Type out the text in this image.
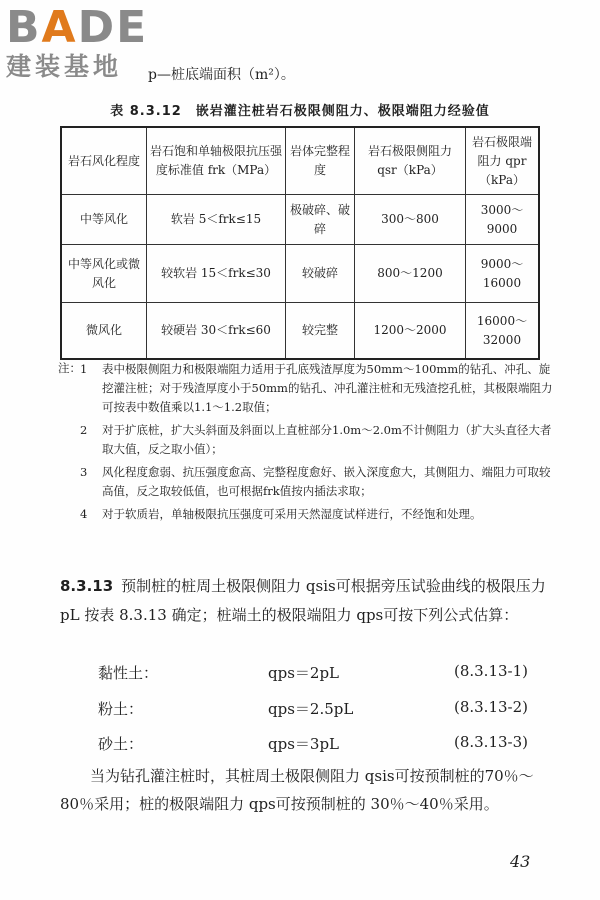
BADE
建装基地	p—桩底端面积（m²）。
表 8.3.12　嵌岩灌注桩岩石极限侧阻力、极限端阻力经验值
岩石风化程度	岩石饱和单轴极限抗压强度标准值 frk（MPa）	岩体完整程度	岩石极限侧阻力 qsr（kPa）	岩石极限端阻力 qpr（kPa）
中等风化	软岩 5＜frk≤15	极破碎、破碎	300～800	3000～9000
中等风化或微风化	较软岩 15＜frk≤30	较破碎	800～1200	9000～16000
微风化	较硬岩 30＜frk≤60	较完整	1200～2000	16000～32000
注： 1 表中极限侧阻力和极限端阻力适用于孔底残渣厚度为50mm～100mm的钻孔、冲孔、旋挖灌注桩；对于残渣厚度小于50mm的钻孔、冲孔灌注桩和无残渣挖孔桩，其极限端阻力可按表中数值乘以1.1～1.2取值；
2 对于扩底桩，扩大头斜面及斜面以上直桩部分1.0m～2.0m不计侧阻力（扩大头直径大者取大值，反之取小值）；
3 风化程度愈弱、抗压强度愈高、完整程度愈好、嵌入深度愈大，其侧阻力、端阻力可取较高值，反之取较低值，也可根据frk值按内插法求取；
4 对于软质岩，单轴极限抗压强度可采用天然湿度试样进行，不经饱和处理。
8.3.13 预制桩的桩周土极限侧阻力 qsis可根据旁压试验曲线的极限压力 pL 按表 8.3.13 确定；桩端土的极限端阻力 qps可按下列公式估算：
黏性土：	qps＝2pL	(8.3.13-1)
粉土：	qps＝2.5pL	(8.3.13-2)
砂土：	qps＝3pL	(8.3.13-3)
当为钻孔灌注桩时，其桩周土极限侧阻力 qsis可按预制桩的70％～80％采用；桩的极限端阻力 qps可按预制桩的 30％～40％采用。
43
